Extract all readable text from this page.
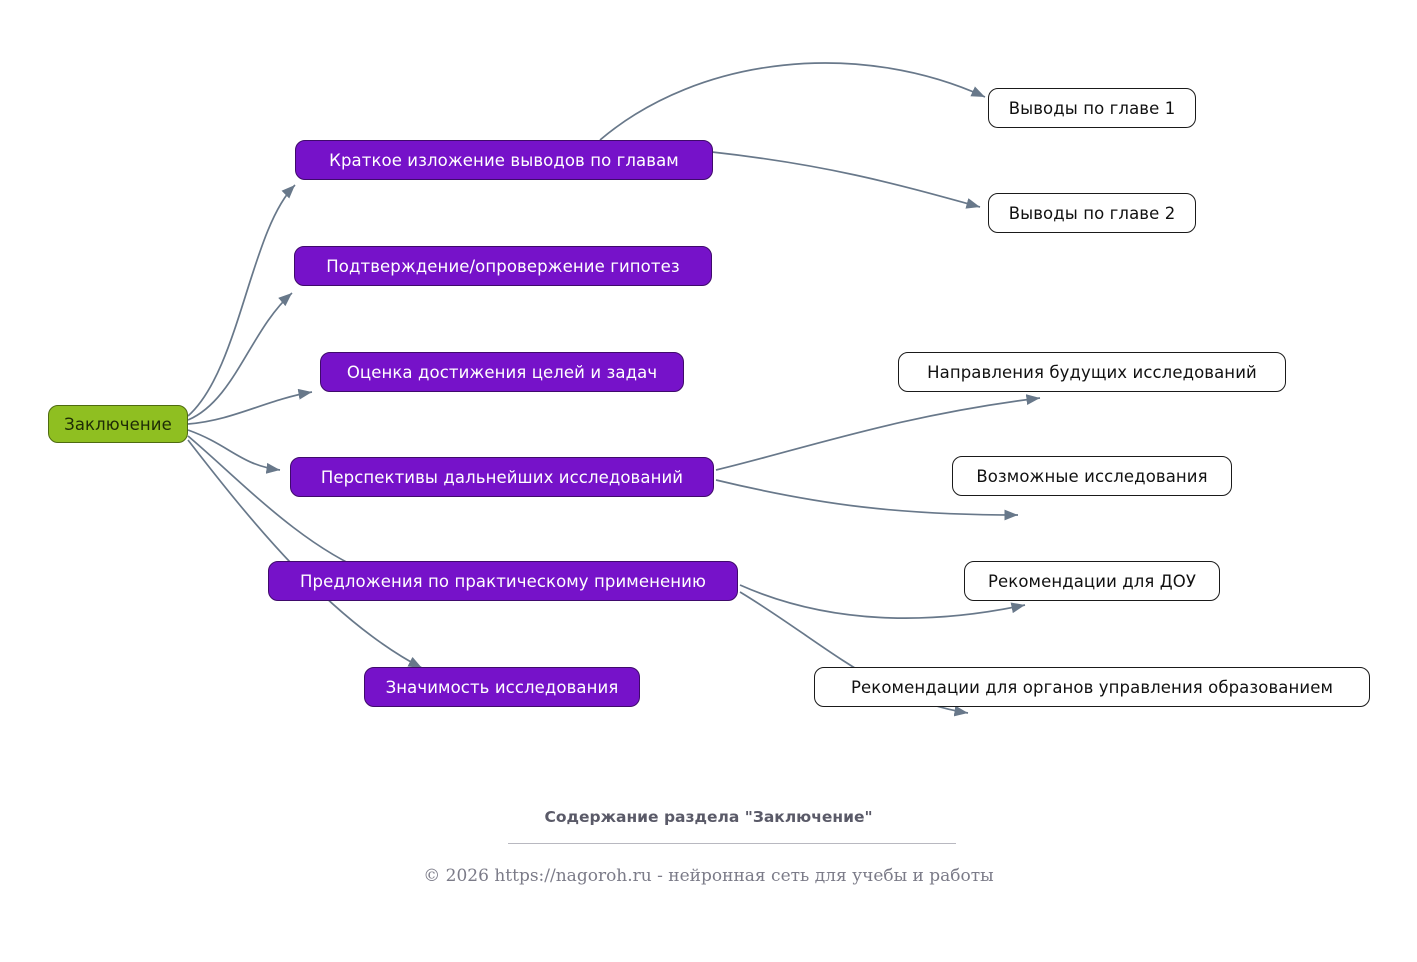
Заключение
Краткое изложение выводов по главам
Подтверждение/опровержение гипотез
Оценка достижения целей и задач
Перспективы дальнейших исследований
Предложения по практическому применению
Значимость исследования
Выводы по главе 1
Выводы по главе 2
Направления будущих исследований
Возможные исследования
Рекомендации для ДОУ
Рекомендации для органов управления образованием
Содержание раздела "Заключение"
© 2026 https://nagoroh.ru - нейронная сеть для учебы и работы
